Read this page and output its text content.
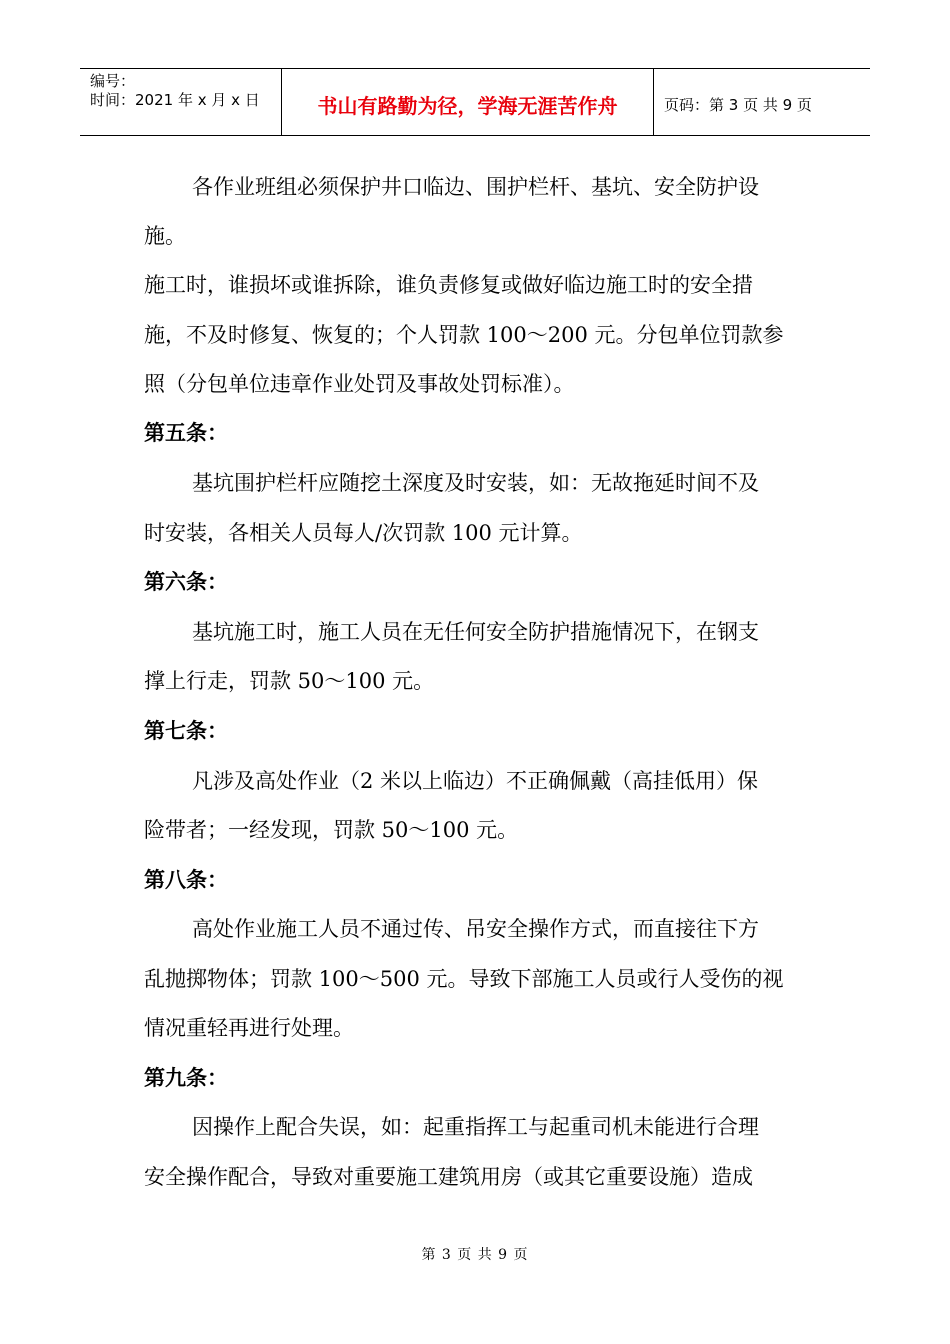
编号：
时间：2021 年 x 月 x 日	书山有路勤为径，学海无涯苦作舟	页码：第 3 页 共 9 页
各作业班组必须保护井口临边、围护栏杆、基坑、安全防护设
施。
施工时，谁损坏或谁拆除，谁负责修复或做好临边施工时的安全措
施，不及时修复、恢复的；个人罚款 100～200 元。分包单位罚款参
照（分包单位违章作业处罚及事故处罚标准）。
第五条：
基坑围护栏杆应随挖土深度及时安装，如：无故拖延时间不及
时安装，各相关人员每人/次罚款 100 元计算。
第六条：
基坑施工时，施工人员在无任何安全防护措施情况下，在钢支
撑上行走，罚款 50～100 元。
第七条：
凡涉及高处作业（2 米以上临边）不正确佩戴（高挂低用）保
险带者；一经发现，罚款 50～100 元。
第八条：
高处作业施工人员不通过传、吊安全操作方式，而直接往下方
乱抛掷物体；罚款 100～500 元。导致下部施工人员或行人受伤的视
情况重轻再进行处理。
第九条：
因操作上配合失误，如：起重指挥工与起重司机未能进行合理
安全操作配合，导致对重要施工建筑用房（或其它重要设施）造成
第 3 页 共 9 页
